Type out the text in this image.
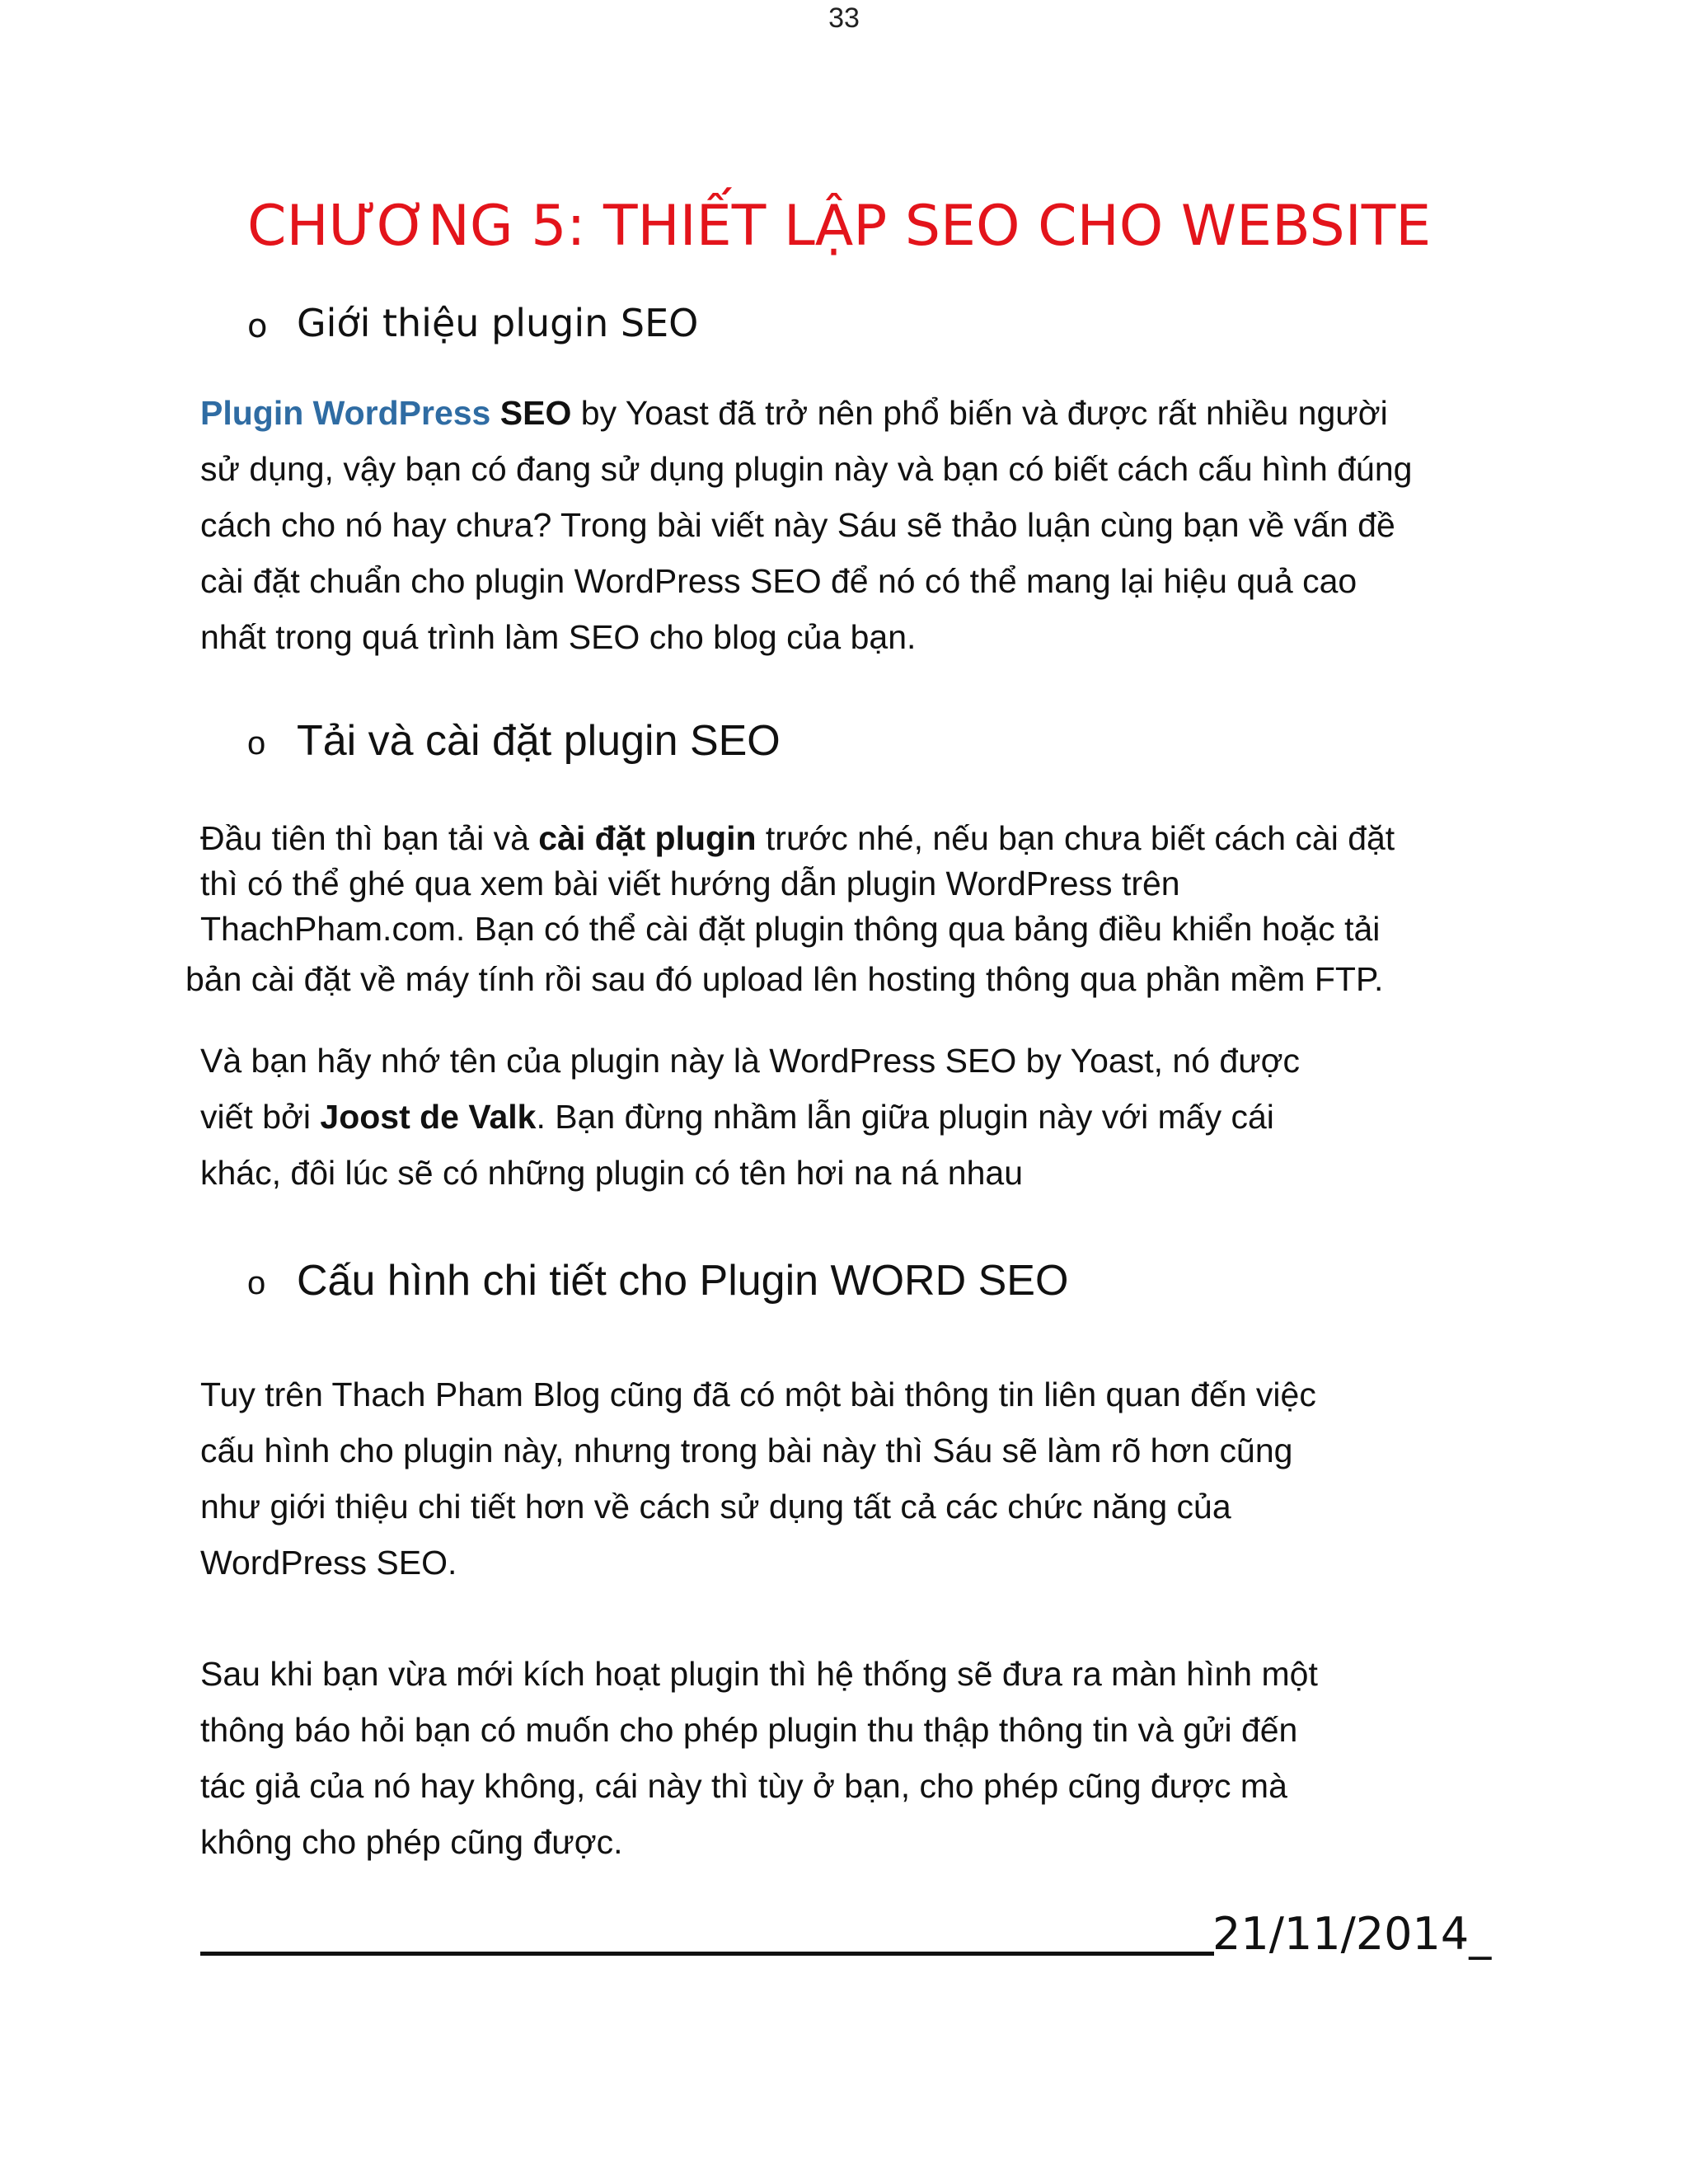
33
CHƯƠNG 5: THIẾT LẬP SEO CHO WEBSITE
o Giới thiệu plugin SEO
Plugin WordPress SEO by Yoast đã trở nên phổ biến và được rất nhiều người
sử dụng, vậy bạn có đang sử dụng plugin này và bạn có biết cách cấu hình đúng
cách cho nó hay chưa? Trong bài viết này Sáu sẽ thảo luận cùng bạn về vấn đề
cài đặt chuẩn cho plugin WordPress SEO để nó có thể mang lại hiệu quả cao
nhất trong quá trình làm SEO cho blog của bạn.
o Tải và cài đặt plugin SEO
Đầu tiên thì bạn tải và cài đặt plugin trước nhé, nếu bạn chưa biết cách cài đặt
thì có thể ghé qua xem bài viết hướng dẫn plugin WordPress trên
ThachPham.com. Bạn có thể cài đặt plugin thông qua bảng điều khiển hoặc tải
bản cài đặt về máy tính rồi sau đó upload lên hosting thông qua phần mềm FTP.
Và bạn hãy nhớ tên của plugin này là WordPress SEO by Yoast, nó được
viết bởi Joost de Valk. Bạn đừng nhầm lẫn giữa plugin này với mấy cái
khác, đôi lúc sẽ có những plugin có tên hơi na ná nhau
o Cấu hình chi tiết cho Plugin WORD SEO
Tuy trên Thach Pham Blog cũng đã có một bài thông tin liên quan đến việc
cấu hình cho plugin này, nhưng trong bài này thì Sáu sẽ làm rõ hơn cũng
như giới thiệu chi tiết hơn về cách sử dụng tất cả các chức năng của
WordPress SEO.
Sau khi bạn vừa mới kích hoạt plugin thì hệ thống sẽ đưa ra màn hình một
thông báo hỏi bạn có muốn cho phép plugin thu thập thông tin và gửi đến
tác giả của nó hay không, cái này thì tùy ở bạn, cho phép cũng được mà
không cho phép cũng được.
21/11/2014_
